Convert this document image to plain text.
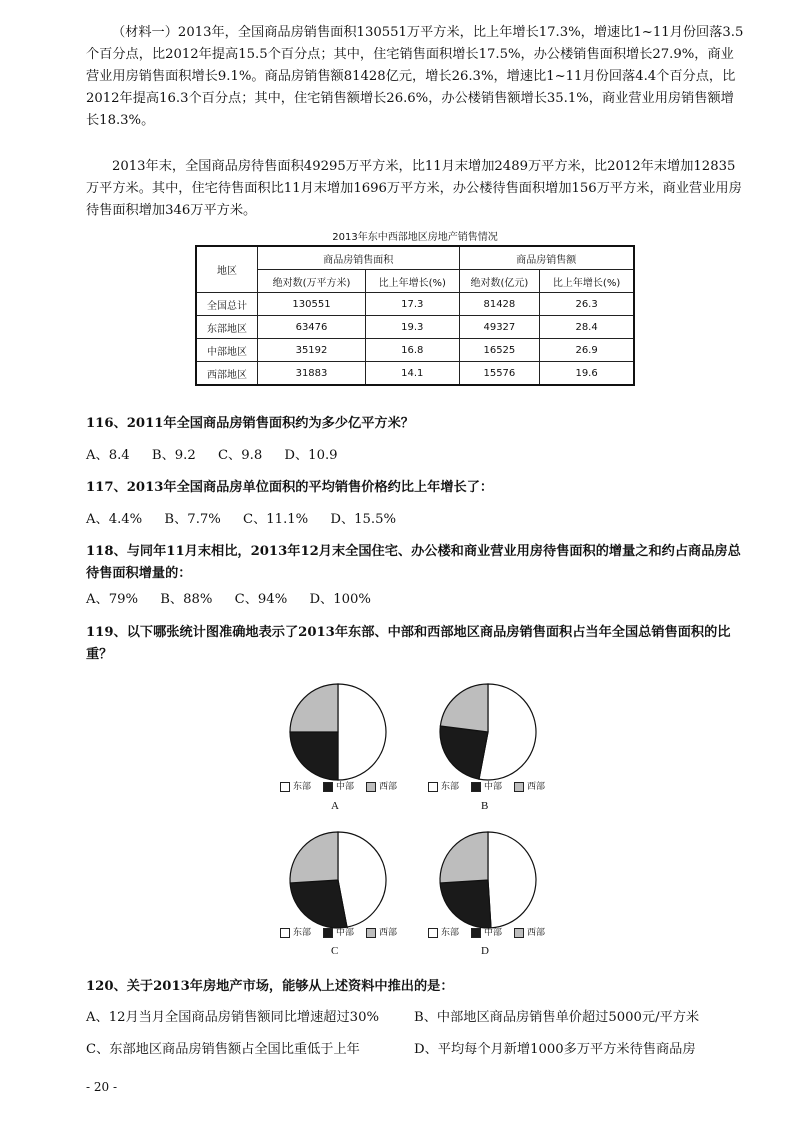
（材料一）2013年，全国商品房销售面积130551万平方米，比上年增长17.3%，增速比1~11月份回落3.5个百分点，比2012年提高15.5个百分点；其中，住宅销售面积增长17.5%，办公楼销售面积增长27.9%，商业营业用房销售面积增长9.1%。商品房销售额81428亿元，增长26.3%，增速比1~11月份回落4.4个百分点，比2012年提高16.3个百分点；其中，住宅销售额增长26.6%，办公楼销售额增长35.1%，商业营业用房销售额增长18.3%。

2013年末，全国商品房待售面积49295万平方米，比11月末增加2489万平方米，比2012年末增加12835万平方米。其中，住宅待售面积比11月末增加1696万平方米，办公楼待售面积增加156万平方米，商业营业用房待售面积增加346万平方米。

2013年东中西部地区房地产销售情况
地区	商品房销售面积		商品房销售额	
	绝对数(万平方米)	比上年增长(%)	绝对数(亿元)	比上年增长(%)
全国总计	130551	17.3	81428	26.3
东部地区	63476	19.3	49327	28.4
中部地区	35192	16.8	16525	26.9
西部地区	31883	14.1	15576	19.6

116、2011年全国商品房销售面积约为多少亿平方米？

A、8.4 B、9.2 C、9.8 D、10.9

117、2013年全国商品房单位面积的平均销售价格约比上年增长了：

A、4.4% B、7.7% C、11.1% D、15.5%

118、与同年11月末相比，2013年12月末全国住宅、办公楼和商业营业用房待售面积的增量之和约占商品房总待售面积增量的：

A、79% B、88% C、94% D、100%

119、以下哪张统计图准确地表示了2013年东部、中部和西部地区商品房销售面积占当年全国总销售面积的比重？

东部	中部	西部	东部	中部	西部
东部	中部	西部	东部	中部	西部
A	B
C	D

120、关于2013年房地产市场，能够从上述资料中推出的是：

A、12月当月全国商品房销售额同比增速超过30%	B、中部地区商品房销售单价超过5000元/平方米
C、东部地区商品房销售额占全国比重低于上年	D、平均每个月新增1000多万平方米待售商品房
- 20 -
